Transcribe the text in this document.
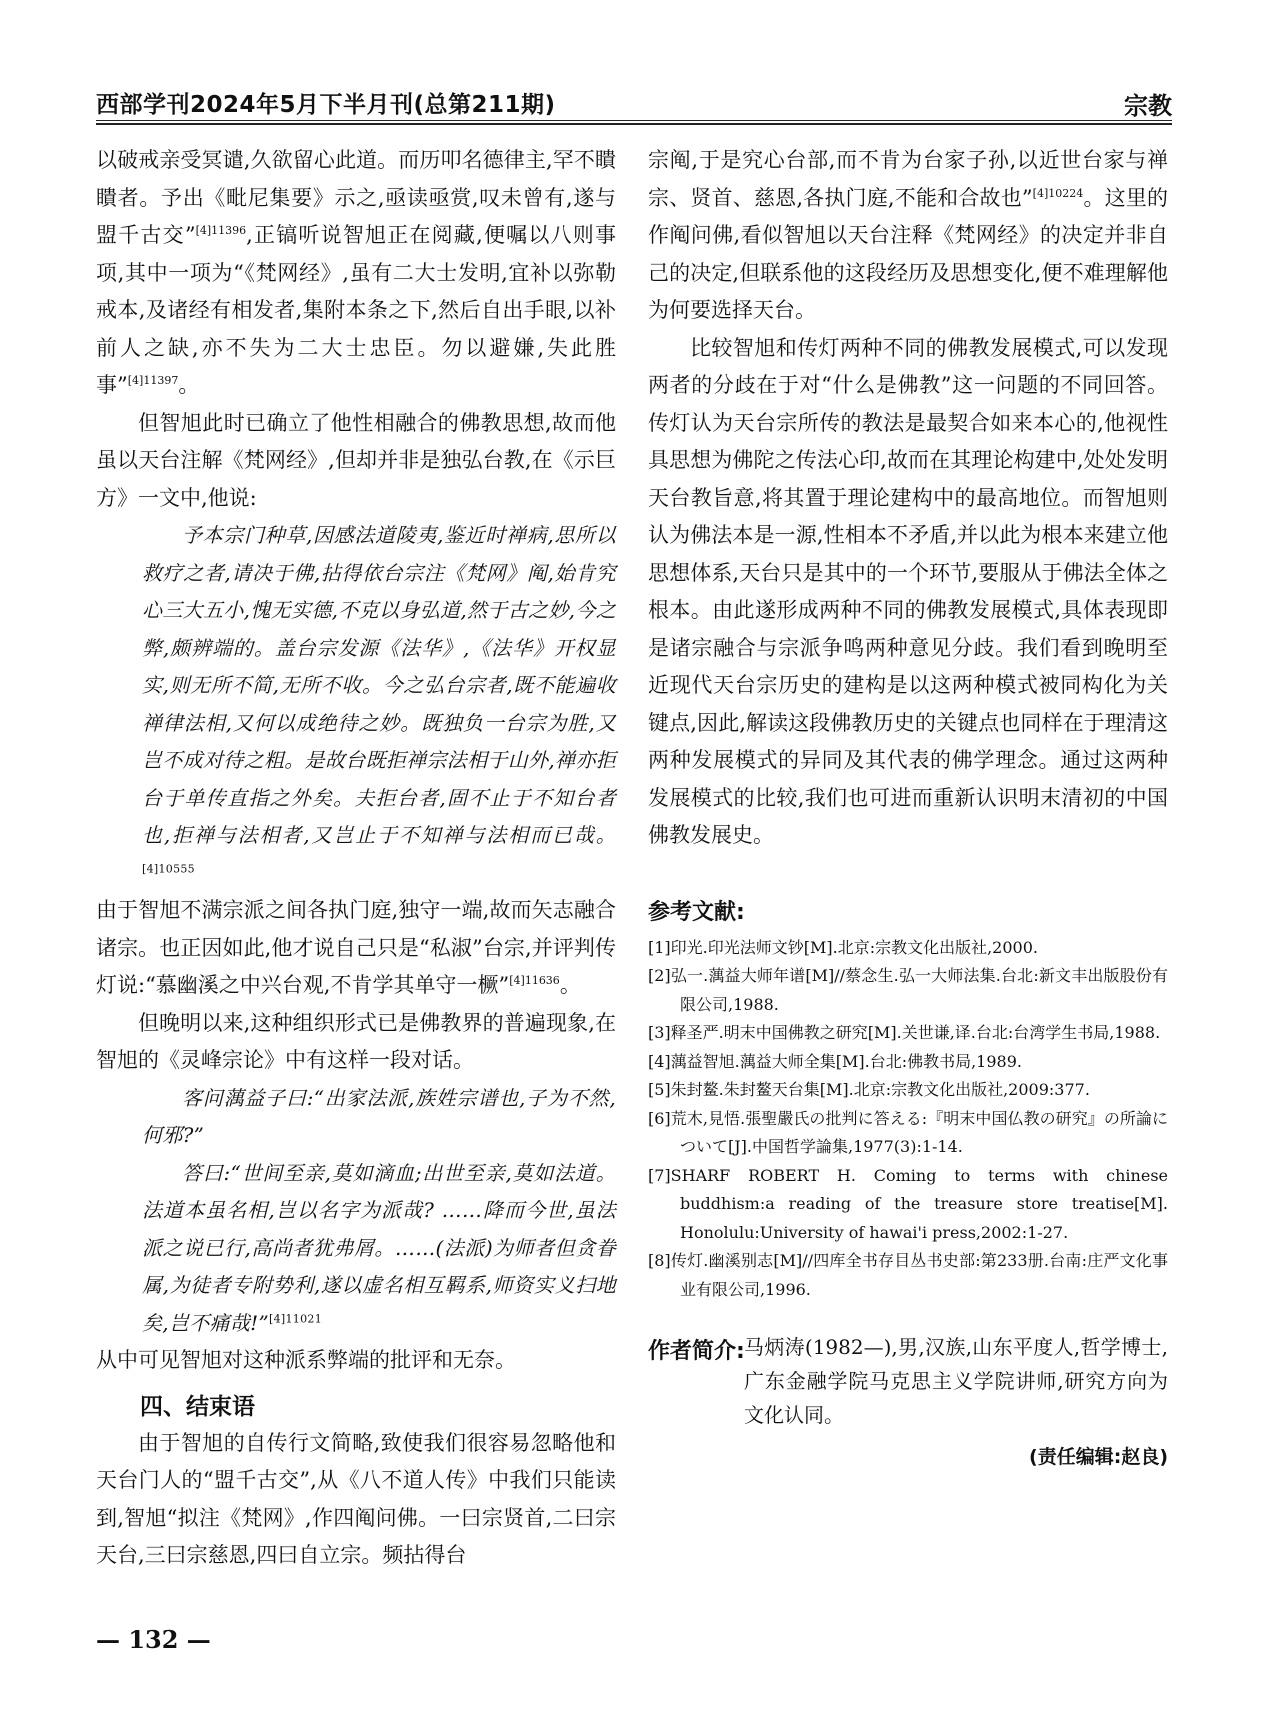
西部学刊2024年5月下半月刊(总第211期)	宗教

以破戒亲受冥谴,久欲留心此道。而历叩名德律主,罕不瞶瞶者。予出《毗尼集要》示之,亟读亟赏,叹未曾有,遂与盟千古交”$^{[4]11396}$,正镐听说智旭正在阅藏,便嘱以八则事项,其中一项为“《梵网经》,虽有二大士发明,宜补以弥勒戒本,及诸经有相发者,集附本条之下,然后自出手眼,以补前人之缺,亦不失为二大士忠臣。勿以避嫌,失此胜事”$^{[4]11397}$。

但智旭此时已确立了他性相融合的佛教思想,故而他虽以天台注解《梵网经》,但却并非是独弘台教,在《示巨方》一文中,他说:

予本宗门种草,因感法道陵夷,鉴近时禅病,思所以救疗之者,请决于佛,拈得依台宗注《梵网》阄,始肯究心三大五小,愧无实德,不克以身弘道,然于古之妙,今之弊,颇辨端的。盖台宗发源《法华》,《法华》开权显实,则无所不简,无所不收。今之弘台宗者,既不能遍收禅律法相,又何以成绝待之妙。既独负一台宗为胜,又岂不成对待之粗。是故台既拒禅宗法相于山外,禅亦拒台于单传直指之外矣。夫拒台者,固不止于不知台者也,拒禅与法相者,又岂止于不知禅与法相而已哉。$^{[4]10555}$

由于智旭不满宗派之间各执门庭,独守一端,故而矢志融合诸宗。也正因如此,他才说自己只是“私淑”台宗,并评判传灯说:“慕幽溪之中兴台观,不肯学其单守一橛”$^{[4]11636}$。

但晚明以来,这种组织形式已是佛教界的普遍现象,在智旭的《灵峰宗论》中有这样一段对话。

客问蕅益子曰:“出家法派,族姓宗谱也,子为不然,何邪?”

答曰:“世间至亲,莫如滴血;出世至亲,莫如法道。法道本虽名相,岂以名字为派哉? ……降而今世,虽法派之说已行,高尚者犹弗屑。……(法派)为师者但贪眷属,为徒者专附势利,遂以虚名相互羁系,师资实义扫地矣,岂不痛哉!”$^{[4]11021}$

从中可见智旭对这种派系弊端的批评和无奈。

四、结束语

由于智旭的自传行文简略,致使我们很容易忽略他和天台门人的“盟千古交”,从《八不道人传》中我们只能读到,智旭“拟注《梵网》,作四阄问佛。一曰宗贤首,二曰宗天台,三曰宗慈恩,四曰自立宗。频拈得台

宗阄,于是究心台部,而不肯为台家子孙,以近世台家与禅宗、贤首、慈恩,各执门庭,不能和合故也”$^{[4]10224}$。这里的作阄问佛,看似智旭以天台注释《梵网经》的决定并非自己的决定,但联系他的这段经历及思想变化,便不难理解他为何要选择天台。

比较智旭和传灯两种不同的佛教发展模式,可以发现两者的分歧在于对“什么是佛教”这一问题的不同回答。传灯认为天台宗所传的教法是最契合如来本心的,他视性具思想为佛陀之传法心印,故而在其理论构建中,处处发明天台教旨意,将其置于理论建构中的最高地位。而智旭则认为佛法本是一源,性相本不矛盾,并以此为根本来建立他思想体系,天台只是其中的一个环节,要服从于佛法全体之根本。由此遂形成两种不同的佛教发展模式,具体表现即是诸宗融合与宗派争鸣两种意见分歧。我们看到晚明至近现代天台宗历史的建构是以这两种模式被同构化为关键点,因此,解读这段佛教历史的关键点也同样在于理清这两种发展模式的异同及其代表的佛学理念。通过这两种发展模式的比较,我们也可进而重新认识明末清初的中国佛教发展史。

参考文献:

[1]印光.印光法师文钞[M].北京:宗教文化出版社,2000.

[2]弘一.蕅益大师年谱[M]//蔡念生.弘一大师法集.台北:新文丰出版股份有限公司,1988.

[3]释圣严.明末中国佛教之研究[M].关世谦,译.台北:台湾学生书局,1988.

[4]蕅益智旭.蕅益大师全集[M].台北:佛教书局,1989.

[5]朱封鳌.朱封鳌天台集[M].北京:宗教文化出版社,2009:377.

[6]荒木,見悟.張聖嚴氏の批判に答える:『明末中国仏教の研究』の所論について[J].中国哲学論集,1977(3):1-14.

[7]SHARF ROBERT H. Coming to terms with chinese buddhism:a reading of the treasure store treatise[M]. Honolulu:University of hawai'i press,2002:1-27.

[8]传灯.幽溪别志[M]//四库全书存目丛书史部:第233册.台南:庄严文化事业有限公司,1996.

作者简介: 马炳涛(1982—),男,汉族,山东平度人,哲学博士,广东金融学院马克思主义学院讲师,研究方向为文化认同。
(责任编辑:赵良)
— 132 —
